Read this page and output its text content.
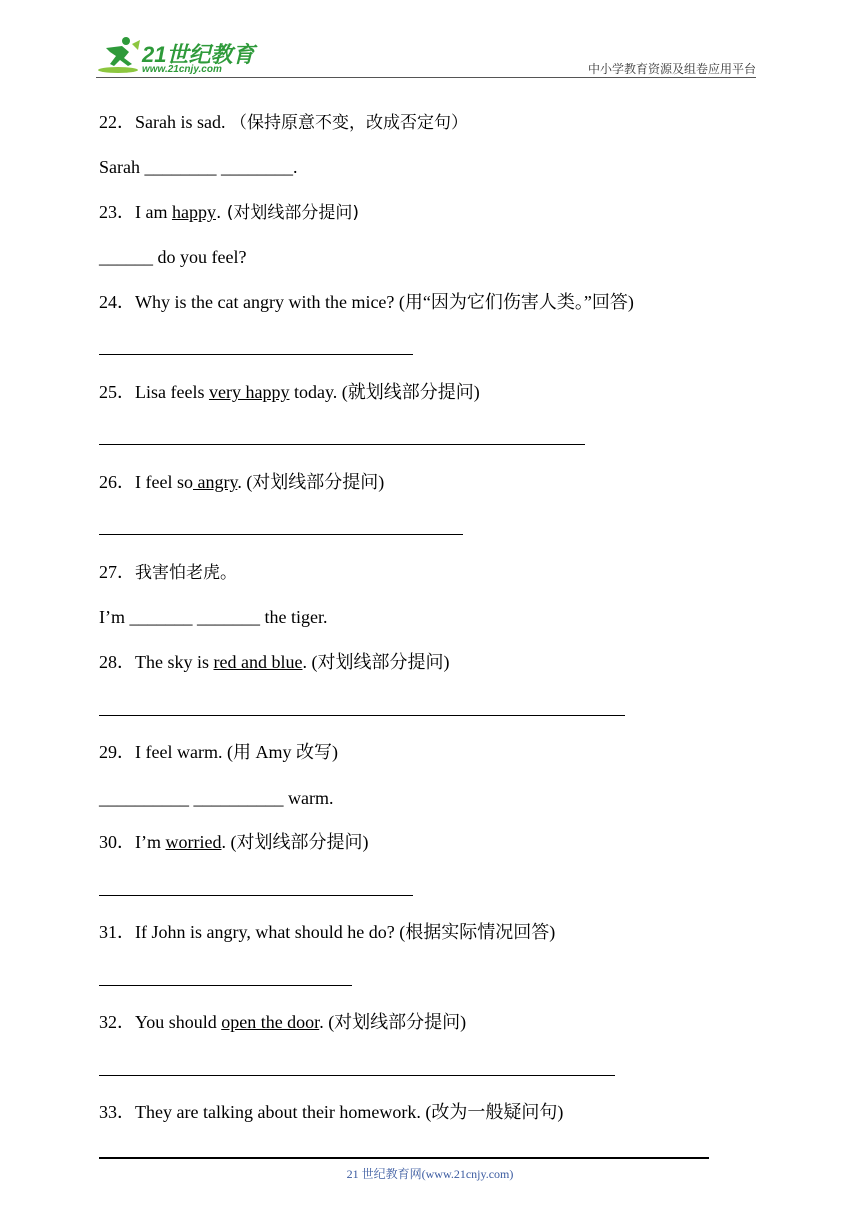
21世纪教育
www.21cnjy.com	中小学教育资源及组卷应用平台
22．Sarah is sad. （保持原意不变，改成否定句）
Sarah ________ ________.
23．I am happy. (对划线部分提问)
______ do you feel?
24．Why is the cat angry with the mice? (用“因为它们伤害人类。”回答)
25．Lisa feels very happy today. (就划线部分提问)
26．I feel so angry. (对划线部分提问)
27．我害怕老虎。
I’m _______ _______ the tiger.
28．The sky is red and blue. (对划线部分提问)
29．I feel warm. (用 Amy 改写)
__________ __________ warm.
30．I’m worried. (对划线部分提问)
31．If John is angry, what should he do? (根据实际情况回答)
32．You should open the door. (对划线部分提问)
33．They are talking about their homework. (改为一般疑问句)
21 世纪教育网(www.21cnjy.com)
